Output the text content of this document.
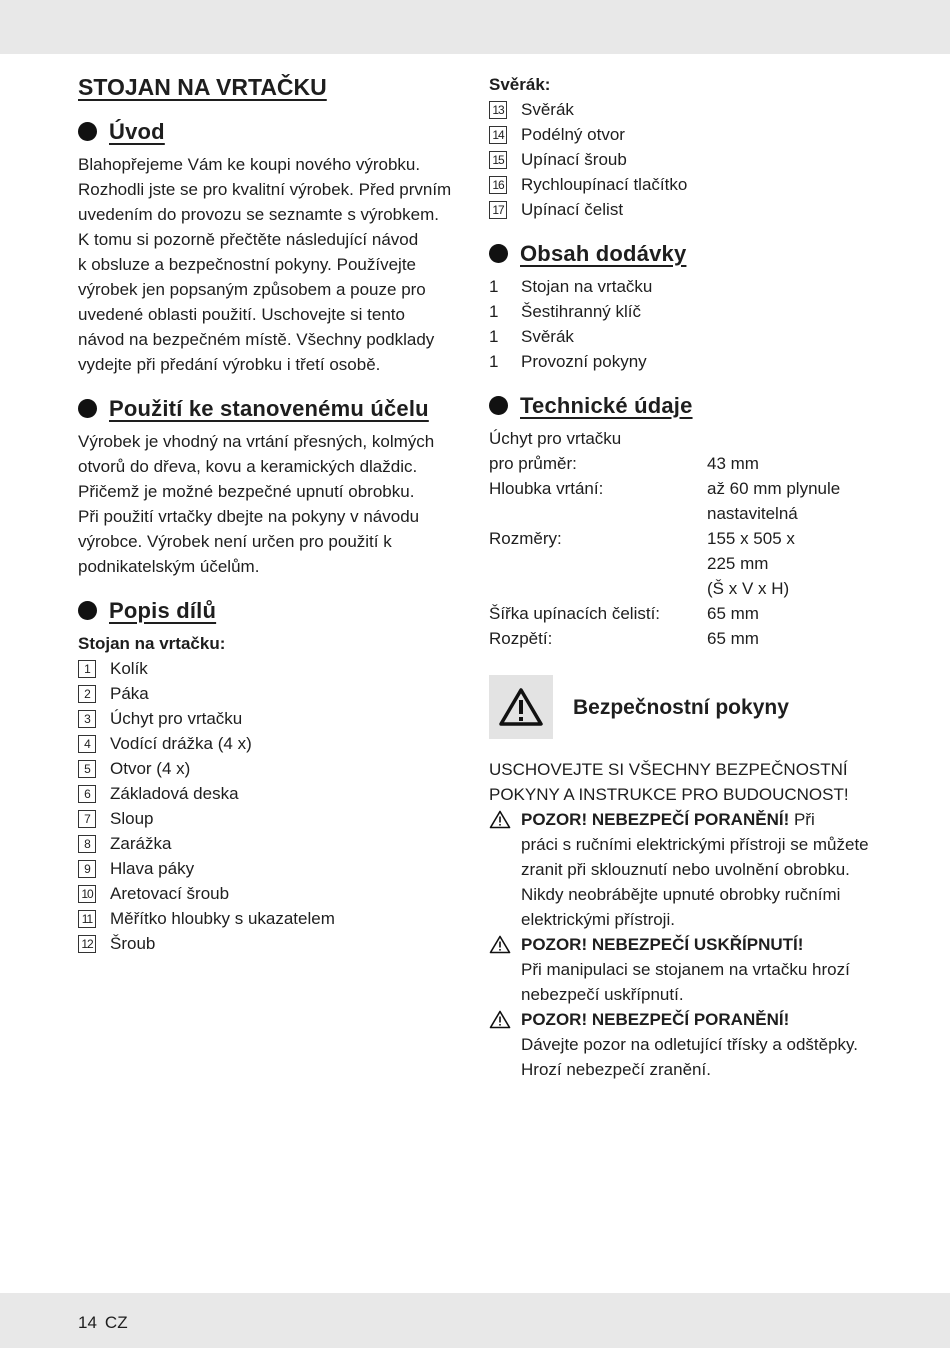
STOJAN NA VRTAČKU
Úvod

Blahopřejeme Vám ke koupi nového výrobku.

Rozhodli jste se pro kvalitní výrobek. Před prvním

uvedením do provozu se seznamte s výrobkem.

K tomu si pozorně přečtěte následující návod

k obsluze a bezpečnostní pokyny. Používejte

výrobek jen popsaným způsobem a pouze pro

uvedené oblasti použití. Uschovejte si tento

návod na bezpečném místě. Všechny podklady

vydejte při předání výrobku i třetí osobě.

Použití ke stanovenému účelu

Výrobek je vhodný na vrtání přesných, kolmých

otvorů do dřeva, kovu a keramických dlaždic.

Přičemž je možné bezpečné upnutí obrobku.

Při použití vrtačky dbejte na pokyny v návodu

výrobce. Výrobek není určen pro použití k

podnikatelským účelům.

Popis dílů

Stojan na vrtačku:

1	Kolík
2	Páka
3	Úchyt pro vrtačku
4	Vodící drážka (4 x)
5	Otvor (4 x)
6	Základová deska
7	Sloup
8	Zarážka
9	Hlava páky
10 Aretovací šroub
11 Měřítko hloubky s ukazatelem
12 Šroub

Svěrák:

13 Svěrák
14 Podélný otvor
15 Upínací šroub
16 Rychloupínací tlačítko
17 Upínací čelist
Obsah dodávky
1	Stojan na vrtačku
1	Šestihranný klíč
1	Svěrák
1	Provozní pokyny
Technické údaje
Úchyt pro vrtačku
pro průměr:	43 mm
Hloubka vrtání:	až 60 mm plynule
nastavitelná
Rozměry:	155 x 505 x
225 mm
(Š x V x H)
Šířka upínacích čelistí:	65 mm
Rozpětí:	65 mm
Bezpečnostní pokyny

USCHOVEJTE SI VŠECHNY BEZPEČNOSTNÍ

POKYNY A INSTRUKCE PRO BUDOUCNOST!

POZOR! NEBEZPEČÍ PORANĚNÍ! Při
práci s ručními elektrickými přístroji se můžete
zranit při sklouznutí nebo uvolnění obrobku.
Nikdy neobrábějte upnuté obrobky ručními
elektrickými přístroji.
POZOR! NEBEZPEČÍ USKŘÍPNUTÍ!
Při manipulaci se stojanem na vrtačku hrozí
nebezpečí uskřípnutí.
POZOR! NEBEZPEČÍ PORANĚNÍ!
Dávejte pozor na odletující třísky a odštěpky.
Hrozí nebezpečí zranění.
14 CZ
